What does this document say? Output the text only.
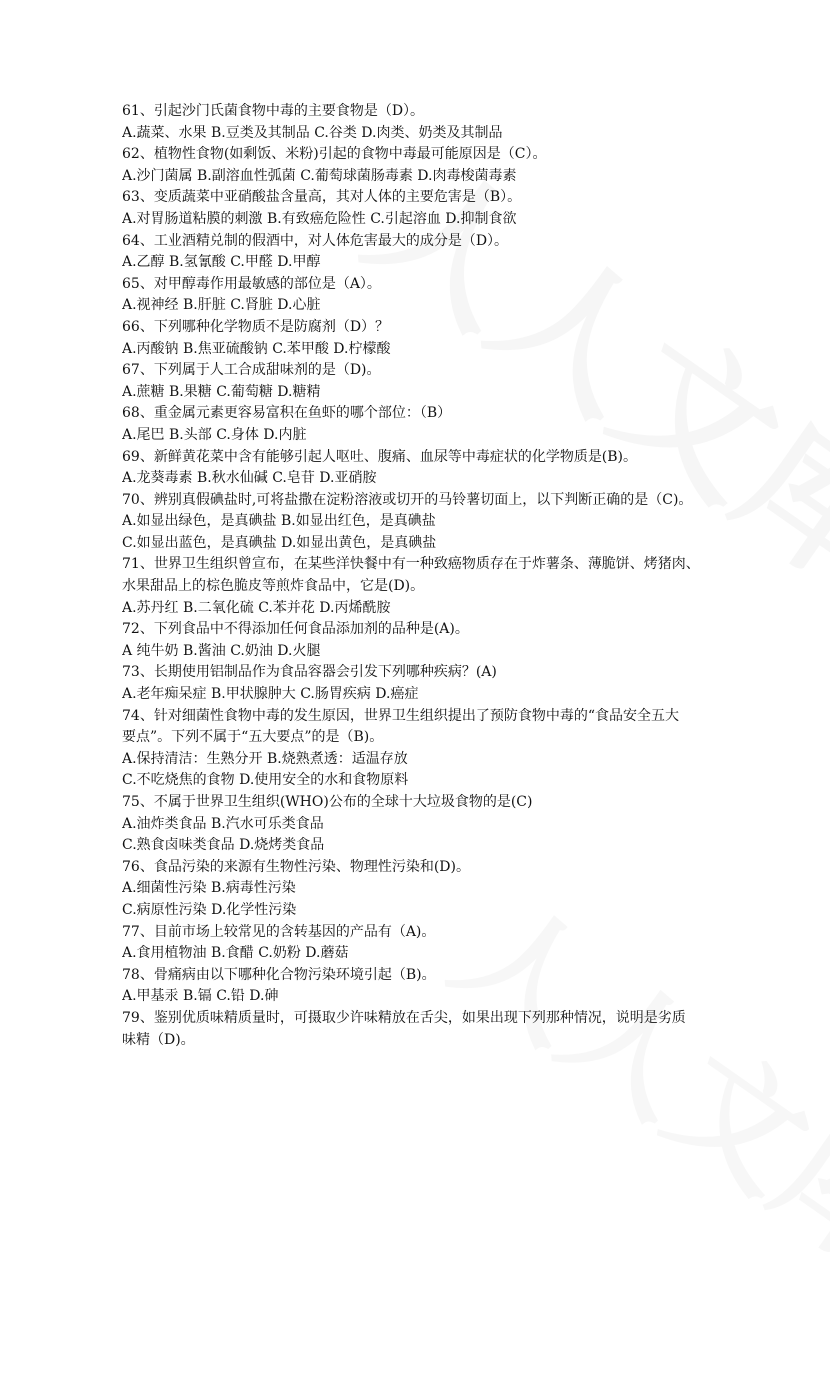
61、引起沙门氏菌食物中毒的主要食物是（D）。
A.蔬菜、水果 B.豆类及其制品 C.谷类 D.肉类、奶类及其制品
62、植物性食物(如剩饭、米粉)引起的食物中毒最可能原因是（C）。
A.沙门菌属 B.副溶血性弧菌 C.葡萄球菌肠毒素 D.肉毒梭菌毒素
63、变质蔬菜中亚硝酸盐含量高，其对人体的主要危害是（B）。
A.对胃肠道粘膜的刺激 B.有致癌危险性 C.引起溶血 D.抑制食欲
64、工业酒精兑制的假酒中，对人体危害最大的成分是（D）。
A.乙醇 B.氢氰酸 C.甲醛 D.甲醇
65、对甲醇毒作用最敏感的部位是（A）。
A.视神经 B.肝脏 C.肾脏 D.心脏
66、下列哪种化学物质不是防腐剂（D）？
A.丙酸钠 B.焦亚硫酸钠 C.苯甲酸 D.柠檬酸
67、下列属于人工合成甜味剂的是（D)。
A.蔗糖 B.果糖 C.葡萄糖 D.糖精
68、重金属元素更容易富积在鱼虾的哪个部位：（B）
A.尾巴 B.头部 C.身体 D.内脏
69、新鲜黄花菜中含有能够引起人呕吐、腹痛、血尿等中毒症状的化学物质是(B)。
A.龙葵毒素 B.秋水仙碱 C.皂苷 D.亚硝胺
70、辨别真假碘盐时,可将盐撒在淀粉溶液或切开的马铃薯切面上，以下判断正确的是（C)。
A.如显出绿色，是真碘盐 B.如显出红色，是真碘盐
C.如显出蓝色，是真碘盐 D.如显出黄色，是真碘盐
71、世界卫生组织曾宣布，在某些洋快餐中有一种致癌物质存在于炸薯条、薄脆饼、烤猪肉、
水果甜品上的棕色脆皮等煎炸食品中，它是(D)。
A.苏丹红 B.二氧化硫 C.苯并花 D.丙烯酰胺
72、下列食品中不得添加任何食品添加剂的品种是(A)。
A 纯牛奶 B.酱油 C.奶油 D.火腿
73、长期使用铝制品作为食品容器会引发下列哪种疾病？(A)
A.老年痴呆症 B.甲状腺肿大 C.肠胃疾病 D.癌症
74、针对细菌性食物中毒的发生原因，世界卫生组织提出了预防食物中毒的“食品安全五大
要点”。下列不属于“五大要点”的是（B)。
A.保持清洁：生熟分开 B.烧熟煮透：适温存放
C.不吃烧焦的食物 D.使用安全的水和食物原料
75、不属于世界卫生组织(WHO)公布的全球十大垃圾食物的是(C)
A.油炸类食品 B.汽水可乐类食品
C.熟食卤味类食品 D.烧烤类食品
76、食品污染的来源有生物性污染、物理性污染和(D)。
A.细菌性污染 B.病毒性污染
C.病原性污染 D.化学性污染
77、目前市场上较常见的含转基因的产品有（A)。
A.食用植物油 B.食醋 C.奶粉 D.蘑菇
78、骨痛病由以下哪种化合物污染环境引起（B)。
A.甲基汞 B.镉 C.铅 D.砷
79、鉴别优质味精质量时，可摄取少许味精放在舌尖，如果出现下列那种情况，说明是劣质
味精（D)。
